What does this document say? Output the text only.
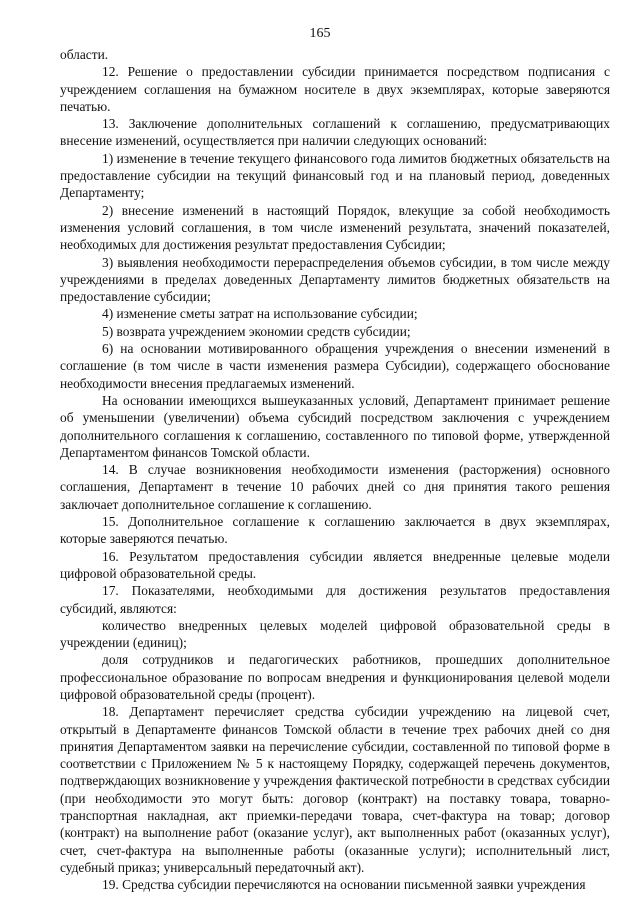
165

области.

12. Решение о предоставлении субсидии принимается посредством подписания с учреждением соглашения на бумажном носителе в двух экземплярах, которые заверяются печатью.

13. Заключение дополнительных соглашений к соглашению, предусматривающих внесение изменений, осуществляется при наличии следующих оснований:

1) изменение в течение текущего финансового года лимитов бюджетных обязательств на предоставление субсидии на текущий финансовый год и на плановый период, доведенных Департаменту;

2) внесение изменений в настоящий Порядок, влекущие за собой необходимость изменения условий соглашения, в том числе изменений результата, значений показателей, необходимых для достижения результат предоставления Субсидии;

3) выявления необходимости перераспределения объемов субсидии, в том числе между учреждениями в пределах доведенных Департаменту лимитов бюджетных обязательств на предоставление субсидии;

4) изменение сметы затрат на использование субсидии;

5) возврата учреждением экономии средств субсидии;

6) на основании мотивированного обращения учреждения о внесении изменений в соглашение (в том числе в части изменения размера Субсидии), содержащего обоснование необходимости внесения предлагаемых изменений.

На основании имеющихся вышеуказанных условий, Департамент принимает решение об уменьшении (увеличении) объема субсидий посредством заключения с учреждением дополнительного соглашения к соглашению, составленного по типовой форме, утвержденной Департаментом финансов Томской области.

14. В случае возникновения необходимости изменения (расторжения) основного соглашения, Департамент в течение 10 рабочих дней со дня принятия такого решения заключает дополнительное соглашение к соглашению.

15. Дополнительное соглашение к соглашению заключается в двух экземплярах, которые заверяются печатью.

16. Результатом предоставления субсидии является внедренные целевые модели цифровой образовательной среды.

17. Показателями, необходимыми для достижения результатов предоставления субсидий, являются:

количество внедренных целевых моделей цифровой образовательной среды в учреждении (единиц);

доля сотрудников и педагогических работников, прошедших дополнительное профессиональное образование по вопросам внедрения и функционирования целевой модели цифровой образовательной среды (процент).

18. Департамент перечисляет средства субсидии учреждению на лицевой счет, открытый в Департаменте финансов Томской области в течение трех рабочих дней со дня принятия Департаментом заявки на перечисление субсидии, составленной по типовой форме в соответствии с Приложением № 5 к настоящему Порядку, содержащей перечень документов, подтверждающих возникновение у учреждения фактической потребности в средствах субсидии (при необходимости это могут быть: договор (контракт) на поставку товара, товарно-транспортная накладная, акт приемки-передачи товара, счет-фактура на товар; договор (контракт) на выполнение работ (оказание услуг), акт выполненных работ (оказанных услуг), счет, счет-фактура на выполненные работы (оказанные услуги); исполнительный лист, судебный приказ; универсальный передаточный акт).

19. Средства субсидии перечисляются на основании письменной заявки учреждения
